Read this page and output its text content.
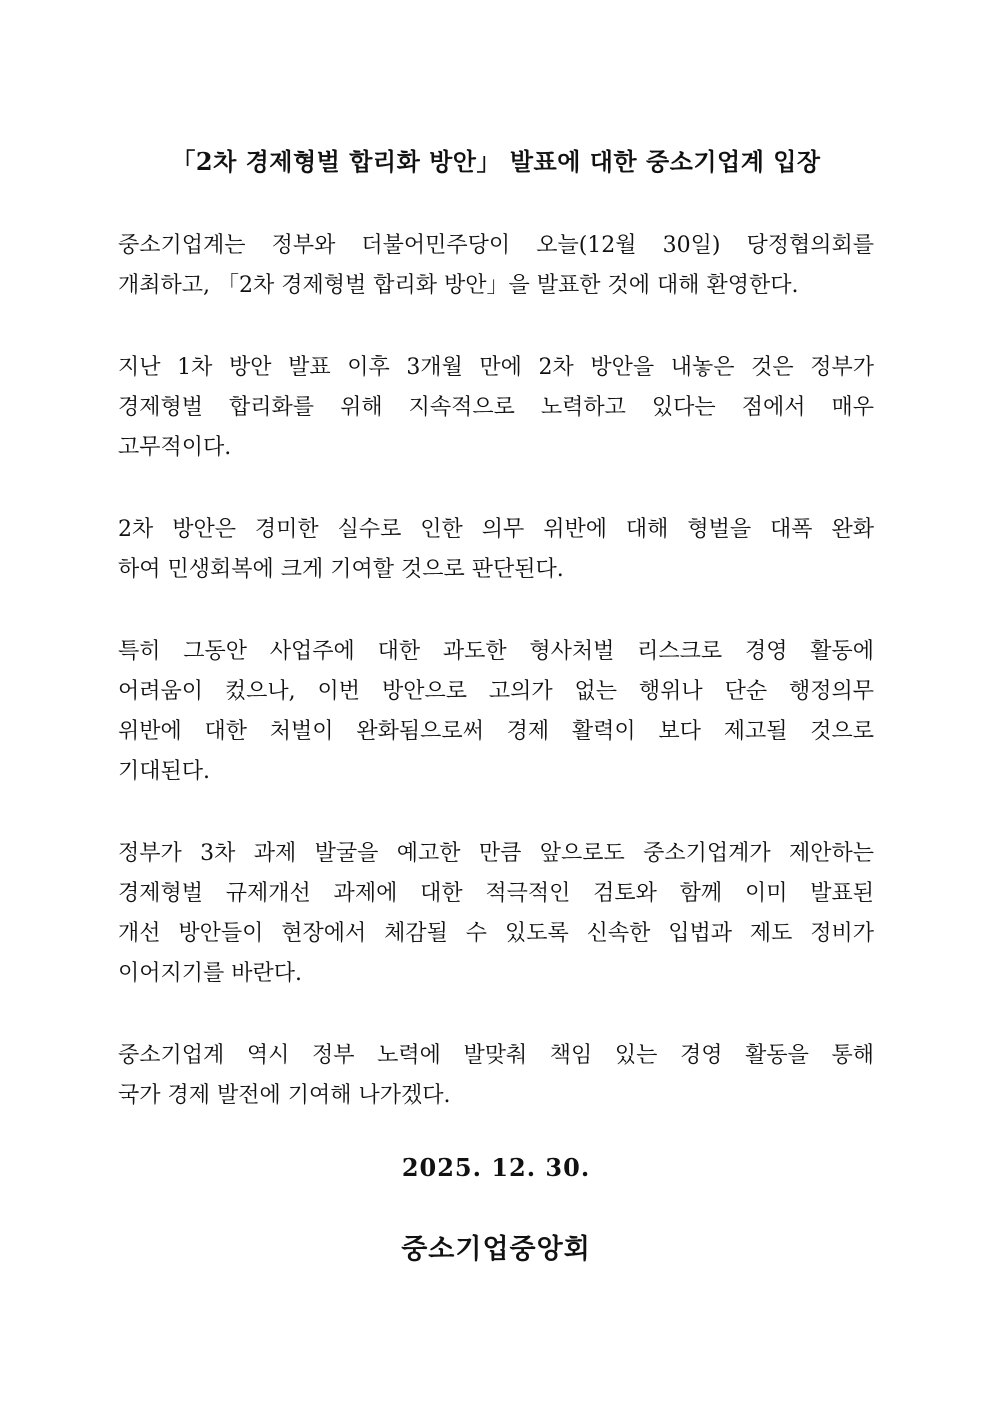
「2차 경제형벌 합리화 방안」 발표에 대한 중소기업계 입장

중소기업계는 정부와 더불어민주당이 오늘(12월 30일) 당정협의회를
개최하고, 「2차 경제형벌 합리화 방안」을 발표한 것에 대해 환영한다.

지난 1차 방안 발표 이후 3개월 만에 2차 방안을 내놓은 것은 정부가
경제형벌 합리화를 위해 지속적으로 노력하고 있다는 점에서 매우
고무적이다.

2차 방안은 경미한 실수로 인한 의무 위반에 대해 형벌을 대폭 완화
하여 민생회복에 크게 기여할 것으로 판단된다.

특히 그동안 사업주에 대한 과도한 형사처벌 리스크로 경영 활동에
어려움이 컸으나, 이번 방안으로 고의가 없는 행위나 단순 행정의무
위반에 대한 처벌이 완화됨으로써 경제 활력이 보다 제고될 것으로
기대된다.

정부가 3차 과제 발굴을 예고한 만큼 앞으로도 중소기업계가 제안하는
경제형벌 규제개선 과제에 대한 적극적인 검토와 함께 이미 발표된
개선 방안들이 현장에서 체감될 수 있도록 신속한 입법과 제도 정비가
이어지기를 바란다.

중소기업계 역시 정부 노력에 발맞춰 책임 있는 경영 활동을 통해
국가 경제 발전에 기여해 나가겠다.

2025. 12. 30.
중소기업중앙회
